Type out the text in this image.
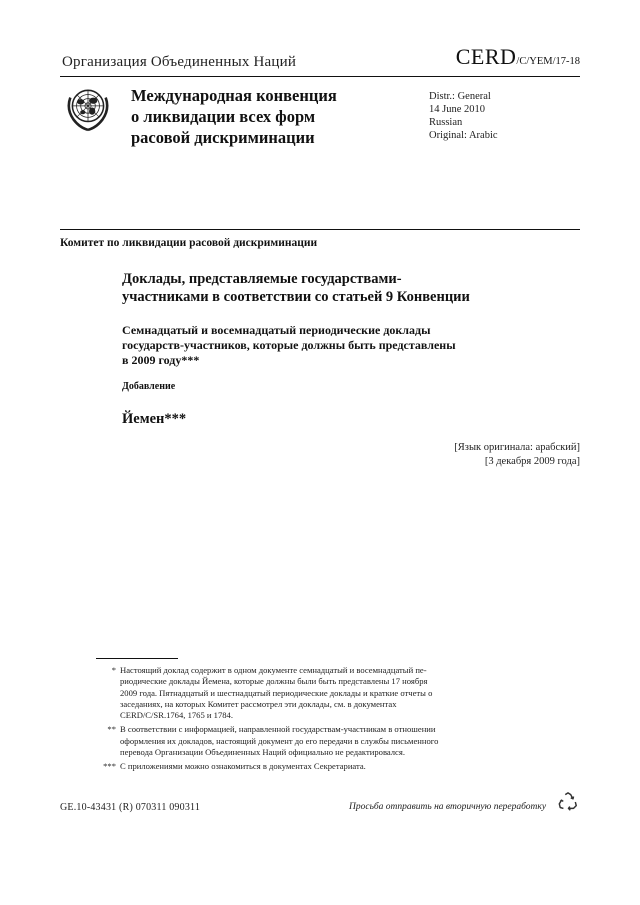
Организация Объединенных Наций	CERD/C/YEM/17-18
Международная конвенция
о ликвидации всех форм
расовой дискриминации
Distr.: General
14 June 2010
Russian
Original: Arabic
Комитет по ликвидации расовой дискриминации
Доклады, представляемые государствами-
участниками в соответствии со статьей 9 Конвенции
Семнадцатый и восемнадцатый периодические доклады
государств-участников, которые должны быть представлены
в 2009 году***
Добавление
Йемен***
[Язык оригинала: арабский]
[3 декабря 2009 года]
* Настоящий доклад содержит в одном документе семнадцатый и восемнадцатый пе-
риодические доклады Йемена, которые должны были быть представлены 17 ноября
2009 года. Пятнадцатый и шестнадцатый периодические доклады и краткие отчеты о
заседаниях, на которых Комитет рассмотрел эти доклады, см. в документах
CERD/C/SR.1764, 1765 и 1784.
** В соответствии с информацией, направленной государствам-участникам в отношении
оформления их докладов, настоящий документ до его передачи в службы письменного
перевода Организации Объединенных Наций официально не редактировался.
*** С приложениями можно ознакомиться в документах Секретариата.
GE.10-43431 (R) 070311 090311	Просьба отправить на вторичную переработку
